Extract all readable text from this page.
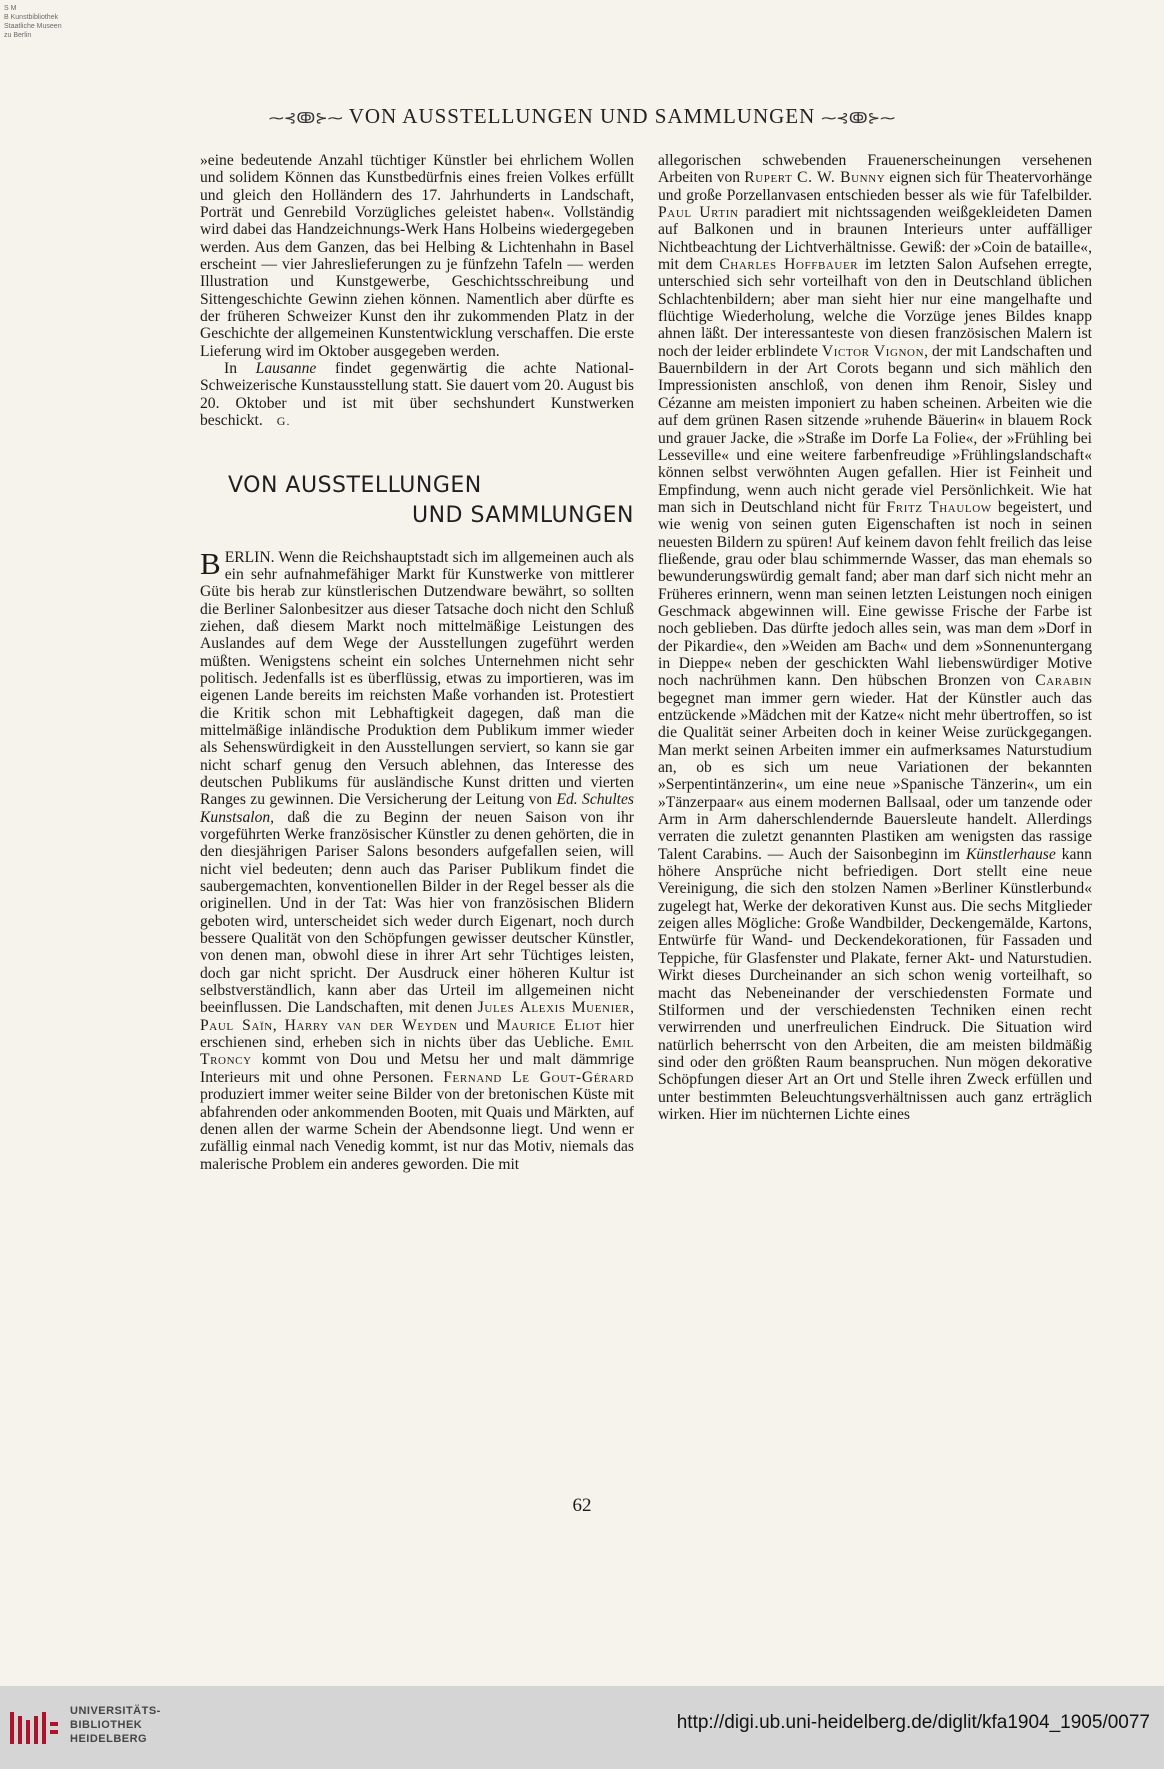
S M
B Kunstbibliothek
Staatliche Museen
zu Berlin
⁓⊰ↂ⊱⁓ VON AUSSTELLUNGEN UND SAMMLUNGEN ⁓⊰ↂ⊱⁓

»eine bedeutende Anzahl tüchtiger Künstler bei ehrlichem Wollen und solidem Können das Kunstbedürfnis eines freien Volkes erfüllt und gleich den Holländern des 17. Jahrhunderts in Landschaft, Porträt und Genrebild Vorzügliches geleistet haben«. Vollständig wird dabei das Handzeichnungs-Werk Hans Holbeins wiedergegeben werden. Aus dem Ganzen, das bei Helbing & Lichtenhahn in Basel erscheint — vier Jahreslieferungen zu je fünfzehn Tafeln — werden Illustration und Kunstgewerbe, Geschichtsschreibung und Sittengeschichte Gewinn ziehen können. Namentlich aber dürfte es der früheren Schweizer Kunst den ihr zukommenden Platz in der Geschichte der allgemeinen Kunstentwicklung verschaffen. Die erste Lieferung wird im Oktober ausgegeben werden.

In Lausanne findet gegenwärtig die achte National-Schweizerische Kunstausstellung statt. Sie dauert vom 20. August bis 20. Oktober und ist mit über sechshundert Kunstwerken beschickt. G.

VON AUSSTELLUNGEN
UND SAMMLUNGEN

BERLIN. Wenn die Reichshauptstadt sich im allgemeinen auch als ein sehr aufnahmefähiger Markt für Kunstwerke von mittlerer Güte bis herab zur künstlerischen Dutzendware bewährt, so sollten die Berliner Salonbesitzer aus dieser Tatsache doch nicht den Schluß ziehen, daß diesem Markt noch mittelmäßige Leistungen des Auslandes auf dem Wege der Ausstellungen zugeführt werden müßten. Wenigstens scheint ein solches Unternehmen nicht sehr politisch. Jedenfalls ist es überflüssig, etwas zu importieren, was im eigenen Lande bereits im reichsten Maße vorhanden ist. Protestiert die Kritik schon mit Lebhaftigkeit dagegen, daß man die mittelmäßige inländische Produktion dem Publikum immer wieder als Sehenswürdigkeit in den Ausstellungen serviert, so kann sie gar nicht scharf genug den Versuch ablehnen, das Interesse des deutschen Publikums für ausländische Kunst dritten und vierten Ranges zu gewinnen. Die Versicherung der Leitung von Ed. Schultes Kunstsalon, daß die zu Beginn der neuen Saison von ihr vorgeführten Werke französischer Künstler zu denen gehörten, die in den diesjährigen Pariser Salons besonders aufgefallen seien, will nicht viel bedeuten; denn auch das Pariser Publikum findet die saubergemachten, konventionellen Bilder in der Regel besser als die originellen. Und in der Tat: Was hier von französischen Blidern geboten wird, unterscheidet sich weder durch Eigenart, noch durch bessere Qualität von den Schöpfungen gewisser deutscher Künstler, von denen man, obwohl diese in ihrer Art sehr Tüchtiges leisten, doch gar nicht spricht. Der Ausdruck einer höheren Kultur ist selbstverständlich, kann aber das Urteil im allgemeinen nicht beeinflussen. Die Landschaften, mit denen Jules Alexis Muenier, Paul Saïn, Harry van der Weyden und Maurice Eliot hier erschienen sind, erheben sich in nichts über das Uebliche. Emil Troncy kommt von Dou und Metsu her und malt dämmrige Interieurs mit und ohne Personen. Fernand Le Gout-Gérard produziert immer weiter seine Bilder von der bretonischen Küste mit abfahrenden oder ankommenden Booten, mit Quais und Märkten, auf denen allen der warme Schein der Abendsonne liegt. Und wenn er zufällig einmal nach Venedig kommt, ist nur das Motiv, niemals das malerische Problem ein anderes geworden. Die mit

allegorischen schwebenden Frauenerscheinungen versehenen Arbeiten von Rupert C. W. Bunny eignen sich für Theatervorhänge und große Porzellanvasen entschieden besser als wie für Tafelbilder. Paul Urtin paradiert mit nichtssagenden weißgekleideten Damen auf Balkonen und in braunen Interieurs unter auffälliger Nichtbeachtung der Lichtverhältnisse. Gewiß: der »Coin de bataille«, mit dem Charles Hoffbauer im letzten Salon Aufsehen erregte, unterschied sich sehr vorteilhaft von den in Deutschland üblichen Schlachtenbildern; aber man sieht hier nur eine mangelhafte und flüchtige Wiederholung, welche die Vorzüge jenes Bildes knapp ahnen läßt. Der interessanteste von diesen französischen Malern ist noch der leider erblindete Victor Vignon, der mit Landschaften und Bauernbildern in der Art Corots begann und sich mählich den Impressionisten anschloß, von denen ihm Renoir, Sisley und Cézanne am meisten imponiert zu haben scheinen. Arbeiten wie die auf dem grünen Rasen sitzende »ruhende Bäuerin« in blauem Rock und grauer Jacke, die »Straße im Dorfe La Folie«, der »Frühling bei Lesseville« und eine weitere farbenfreudige »Frühlingslandschaft« können selbst verwöhnten Augen gefallen. Hier ist Feinheit und Empfindung, wenn auch nicht gerade viel Persönlichkeit. Wie hat man sich in Deutschland nicht für Fritz Thaulow begeistert, und wie wenig von seinen guten Eigenschaften ist noch in seinen neuesten Bildern zu spüren! Auf keinem davon fehlt freilich das leise fließende, grau oder blau schimmernde Wasser, das man ehemals so bewunderungswürdig gemalt fand; aber man darf sich nicht mehr an Früheres erinnern, wenn man seinen letzten Leistungen noch einigen Geschmack abgewinnen will. Eine gewisse Frische der Farbe ist noch geblieben. Das dürfte jedoch alles sein, was man dem »Dorf in der Pikardie«, den »Weiden am Bach« und dem »Sonnenuntergang in Dieppe« neben der geschickten Wahl liebenswürdiger Motive noch nachrühmen kann. Den hübschen Bronzen von Carabin begegnet man immer gern wieder. Hat der Künstler auch das entzückende »Mädchen mit der Katze« nicht mehr übertroffen, so ist die Qualität seiner Arbeiten doch in keiner Weise zurückgegangen. Man merkt seinen Arbeiten immer ein aufmerksames Naturstudium an, ob es sich um neue Variationen der bekannten »Serpentintänzerin«, um eine neue »Spanische Tänzerin«, um ein »Tänzerpaar« aus einem modernen Ballsaal, oder um tanzende oder Arm in Arm daherschlendernde Bauersleute handelt. Allerdings verraten die zuletzt genannten Plastiken am wenigsten das rassige Talent Carabins. — Auch der Saisonbeginn im Künstlerhause kann höhere Ansprüche nicht befriedigen. Dort stellt eine neue Vereinigung, die sich den stolzen Namen »Berliner Künstlerbund« zugelegt hat, Werke der dekorativen Kunst aus. Die sechs Mitglieder zeigen alles Mögliche: Große Wandbilder, Deckengemälde, Kartons, Entwürfe für Wand- und Deckendekorationen, für Fassaden und Teppiche, für Glasfenster und Plakate, ferner Akt- und Naturstudien. Wirkt dieses Durcheinander an sich schon wenig vorteilhaft, so macht das Nebeneinander der verschiedensten Formate und Stilformen und der verschiedensten Techniken einen recht verwirrenden und unerfreulichen Eindruck. Die Situation wird natürlich beherrscht von den Arbeiten, die am meisten bildmäßig sind oder den größten Raum beanspruchen. Nun mögen dekorative Schöpfungen dieser Art an Ort und Stelle ihren Zweck erfüllen und unter bestimmten Beleuchtungsverhältnissen auch ganz erträglich wirken. Hier im nüchternen Lichte eines

62
UNIVERSITÄTS-
BIBLIOTHEK
HEIDELBERG
http://digi.ub.uni-heidelberg.de/diglit/kfa1904_1905/0077
